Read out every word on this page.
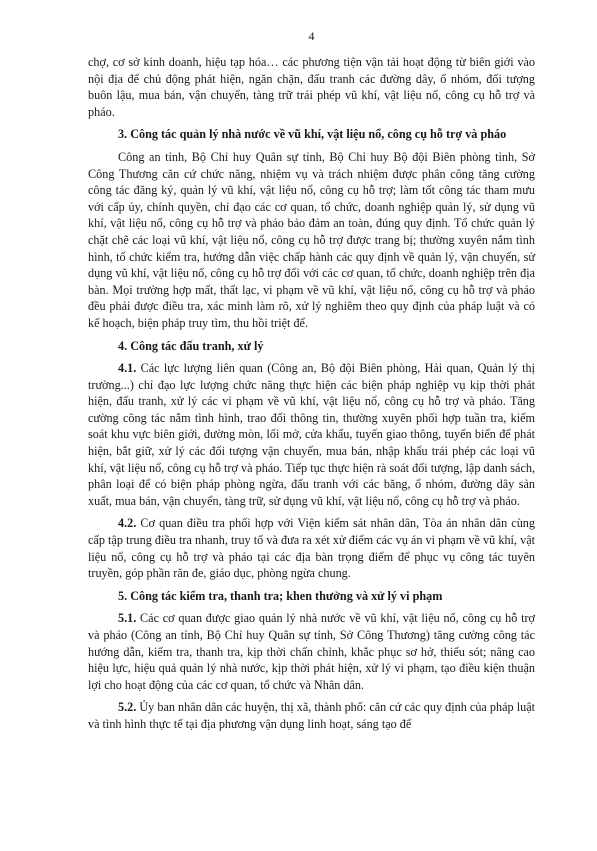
4

chợ, cơ sở kinh doanh, hiệu tạp hóa… các phương tiện vận tải hoạt động từ biên giới vào nội địa để chủ động phát hiện, ngăn chặn, đấu tranh các đường dây, ổ nhóm, đối tượng buôn lậu, mua bán, vận chuyển, tàng trữ trái phép vũ khí, vật liệu nổ, công cụ hỗ trợ và pháo.

3. Công tác quản lý nhà nước về vũ khí, vật liệu nổ, công cụ hỗ trợ và pháo

Công an tỉnh, Bộ Chỉ huy Quân sự tỉnh, Bộ Chỉ huy Bộ đội Biên phòng tỉnh, Sở Công Thương căn cứ chức năng, nhiệm vụ và trách nhiệm được phân công tăng cường công tác đăng ký, quản lý vũ khí, vật liệu nổ, công cụ hỗ trợ; làm tốt công tác tham mưu với cấp ủy, chính quyền, chỉ đạo các cơ quan, tổ chức, doanh nghiệp quản lý, sử dụng vũ khí, vật liệu nổ, công cụ hỗ trợ và pháo bảo đảm an toàn, đúng quy định. Tổ chức quản lý chặt chẽ các loại vũ khí, vật liệu nổ, công cụ hỗ trợ được trang bị; thường xuyên nắm tình hình, tổ chức kiểm tra, hướng dẫn việc chấp hành các quy định về quản lý, vận chuyển, sử dụng vũ khí, vật liệu nổ, công cụ hỗ trợ đối với các cơ quan, tổ chức, doanh nghiệp trên địa bàn. Mọi trường hợp mất, thất lạc, vi phạm về vũ khí, vật liệu nổ, công cụ hỗ trợ và pháo đều phải được điều tra, xác minh làm rõ, xử lý nghiêm theo quy định của pháp luật và có kế hoạch, biện pháp truy tìm, thu hồi triệt để.

4. Công tác đấu tranh, xử lý

4.1. Các lực lượng liên quan (Công an, Bộ đội Biên phòng, Hải quan, Quản lý thị trường...) chỉ đạo lực lượng chức năng thực hiện các biện pháp nghiệp vụ kịp thời phát hiện, đấu tranh, xử lý các vi phạm về vũ khí, vật liệu nổ, công cụ hỗ trợ và pháo. Tăng cường công tác nắm tình hình, trao đổi thông tin, thường xuyên phối hợp tuần tra, kiểm soát khu vực biên giới, đường mòn, lối mở, cửa khẩu, tuyến giao thông, tuyến biển để phát hiện, bắt giữ, xử lý các đối tượng vận chuyển, mua bán, nhập khẩu trái phép các loại vũ khí, vật liệu nổ, công cụ hỗ trợ và pháo. Tiếp tục thực hiện rà soát đối tượng, lập danh sách, phân loại để có biện pháp phòng ngừa, đấu tranh với các băng, ổ nhóm, đường dây sản xuất, mua bán, vận chuyển, tàng trữ, sử dụng vũ khí, vật liệu nổ, công cụ hỗ trợ và pháo.

4.2. Cơ quan điều tra phối hợp với Viện kiểm sát nhân dân, Tòa án nhân dân cùng cấp tập trung điều tra nhanh, truy tố và đưa ra xét xử điểm các vụ án vi phạm về vũ khí, vật liệu nổ, công cụ hỗ trợ và pháo tại các địa bàn trọng điểm để phục vụ công tác tuyên truyền, góp phần răn đe, giáo dục, phòng ngừa chung.

5. Công tác kiểm tra, thanh tra; khen thưởng và xử lý vi phạm

5.1. Các cơ quan được giao quản lý nhà nước về vũ khí, vật liệu nổ, công cụ hỗ trợ và pháo (Công an tỉnh, Bộ Chỉ huy Quân sự tỉnh, Sở Công Thương) tăng cường công tác hướng dẫn, kiểm tra, thanh tra, kịp thời chấn chỉnh, khắc phục sơ hở, thiếu sót; nâng cao hiệu lực, hiệu quả quản lý nhà nước, kịp thời phát hiện, xử lý vi phạm, tạo điều kiện thuận lợi cho hoạt động của các cơ quan, tổ chức và Nhân dân.

5.2. Ủy ban nhân dân các huyện, thị xã, thành phố: căn cứ các quy định của pháp luật và tình hình thực tế tại địa phương vận dụng linh hoạt, sáng tạo để
